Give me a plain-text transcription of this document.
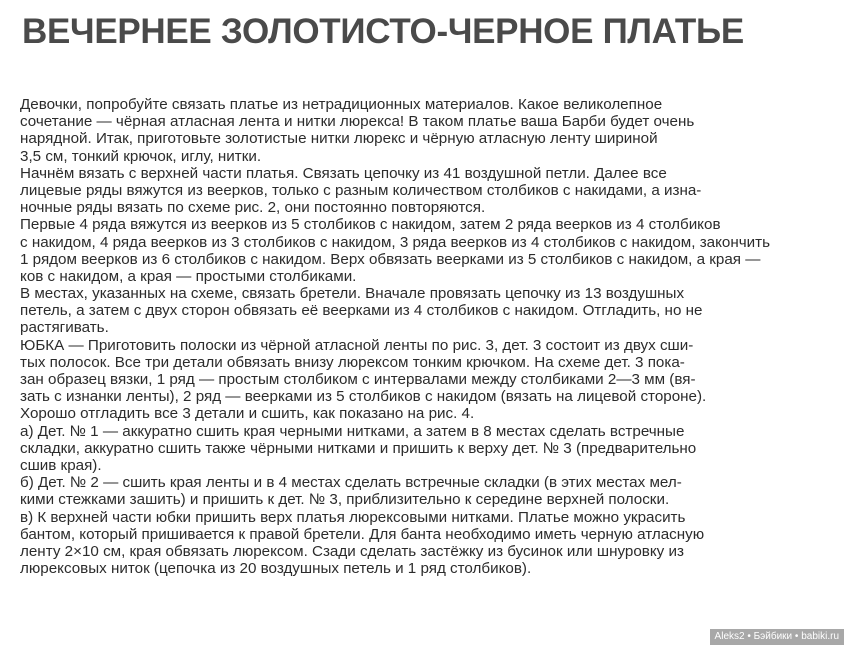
ВЕЧЕРНЕЕ ЗОЛОТИСТО-ЧЕРНОЕ ПЛАТЬЕ
Девочки, попробуйте связать платье из нетрадиционных материалов. Какое великолепное
сочетание — чёрная атласная лента и нитки люрекса! В таком платье ваша Барби будет очень
нарядной. Итак, приготовьте золотистые нитки люрекс и чёрную атласную ленту шириной
3,5 см, тонкий крючок, иглу, нитки.
Начнём вязать с верхней части платья. Связать цепочку из 41 воздушной петли. Далее все
лицевые ряды вяжутся из веерков, только с разным количеством столбиков с накидами, а изна-
ночные ряды вязать по схеме рис. 2, они постоянно повторяются.
Первые 4 ряда вяжутся из веерков из 5 столбиков с накидом, затем 2 ряда веерков из 4 столбиков
с накидом, 4 ряда веерков из 3 столбиков с накидом, 3 ряда веерков из 4 столбиков с накидом, закончить
1 рядом веерков из 6 столбиков с накидом. Верх обвязать веерками из 5 столбиков с накидом, а края —
ков с накидом, а края — простыми столбиками.
В местах, указанных на схеме, связать бретели. Вначале провязать цепочку из 13 воздушных
петель, а затем с двух сторон обвязать её веерками из 4 столбиков с накидом. Отгладить, но не
растягивать.
ЮБКА — Приготовить полоски из чёрной атласной ленты по рис. 3, дет. 3 состоит из двух сши-
тых полосок. Все три детали обвязать внизу люрексом тонким крючком. На схеме дет. 3 пока-
зан образец вязки, 1 ряд — простым столбиком с интервалами между столбиками 2—3 мм (вя-
зать с изнанки ленты), 2 ряд — веерками из 5 столбиков с накидом (вязать на лицевой стороне).
Хорошо отгладить все 3 детали и сшить, как показано на рис. 4.
а) Дет. № 1 — аккуратно сшить края черными нитками, а затем в 8 местах сделать встречные
складки, аккуратно сшить также чёрными нитками и пришить к верху дет. № 3 (предварительно
сшив края).
б) Дет. № 2 — сшить края ленты и в 4 местах сделать встречные складки (в этих местах мел-
кими стежками зашить) и пришить к дет. № 3, приблизительно к середине верхней полоски.
в) К верхней части юбки пришить верх платья люрексовыми нитками. Платье можно украсить
бантом, который пришивается к правой бретели. Для банта необходимо иметь черную атласную
ленту 2×10 см, края обвязать люрексом. Сзади сделать застёжку из бусинок или шнуровку из
люрексовых ниток (цепочка из 20 воздушных петель и 1 ряд столбиков).
Aleks2 • Бэйбики • babiki.ru
